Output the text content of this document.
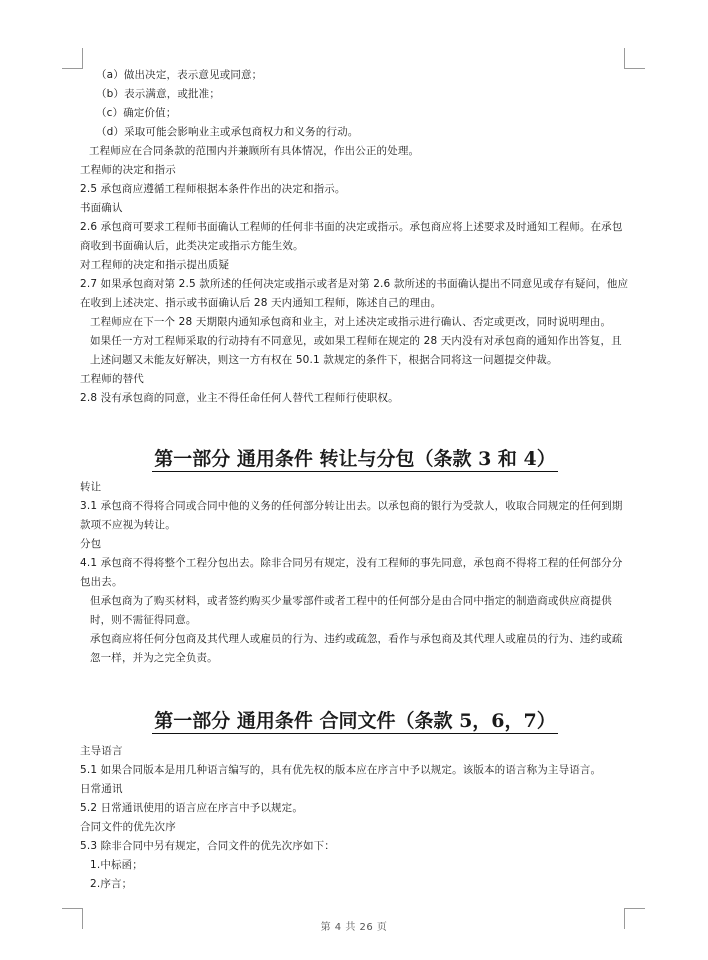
（a）做出决定，表示意见或同意；
（b）表示满意，或批准；
（c）确定价值；
（d）采取可能会影响业主或承包商权力和义务的行动。
工程师应在合同条款的范围内并兼顾所有具体情况，作出公正的处理。
工程师的决定和指示
2.5 承包商应遵循工程师根据本条件作出的决定和指示。
书面确认
2.6 承包商可要求工程师书面确认工程师的任何非书面的决定或指示。承包商应将上述要求及时通知工程师。在承包商收到书面确认后，此类决定或指示方能生效。
对工程师的决定和指示提出质疑
2.7 如果承包商对第 2.5 款所述的任何决定或指示或者是对第 2.6 款所述的书面确认提出不同意见或存有疑问，他应在收到上述决定、指示或书面确认后 28 天内通知工程师，陈述自己的理由。
工程师应在下一个 28 天期限内通知承包商和业主，对上述决定或指示进行确认、否定或更改，同时说明理由。
如果任一方对工程师采取的行动持有不同意见，或如果工程师在规定的 28 天内没有对承包商的通知作出答复，且上述问题又未能友好解决，则这一方有权在 50.1 款规定的条件下，根据合同将这一问题提交仲裁。
工程师的替代
2.8 没有承包商的同意，业主不得任命任何人替代工程师行使职权。
第一部分 通用条件 转让与分包（条款 3 和 4）
转让
3.1 承包商不得将合同或合同中他的义务的任何部分转让出去。以承包商的银行为受款人，收取合同规定的任何到期款项不应视为转让。
分包
4.1 承包商不得将整个工程分包出去。除非合同另有规定，没有工程师的事先同意，承包商不得将工程的任何部分分包出去。
但承包商为了购买材料，或者签约购买少量零部件或者工程中的任何部分是由合同中指定的制造商或供应商提供时，则不需征得同意。
承包商应将任何分包商及其代理人或雇员的行为、违约或疏忽，看作与承包商及其代理人或雇员的行为、违约或疏忽一样，并为之完全负责。
第一部分 通用条件 合同文件（条款 5，6，7）
主导语言
5.1 如果合同版本是用几种语言编写的，具有优先权的版本应在序言中予以规定。该版本的语言称为主导语言。
日常通讯
5.2 日常通讯使用的语言应在序言中予以规定。
合同文件的优先次序
5.3 除非合同中另有规定，合同文件的优先次序如下：
1.中标函；
2.序言；
第 4 共 26 页
